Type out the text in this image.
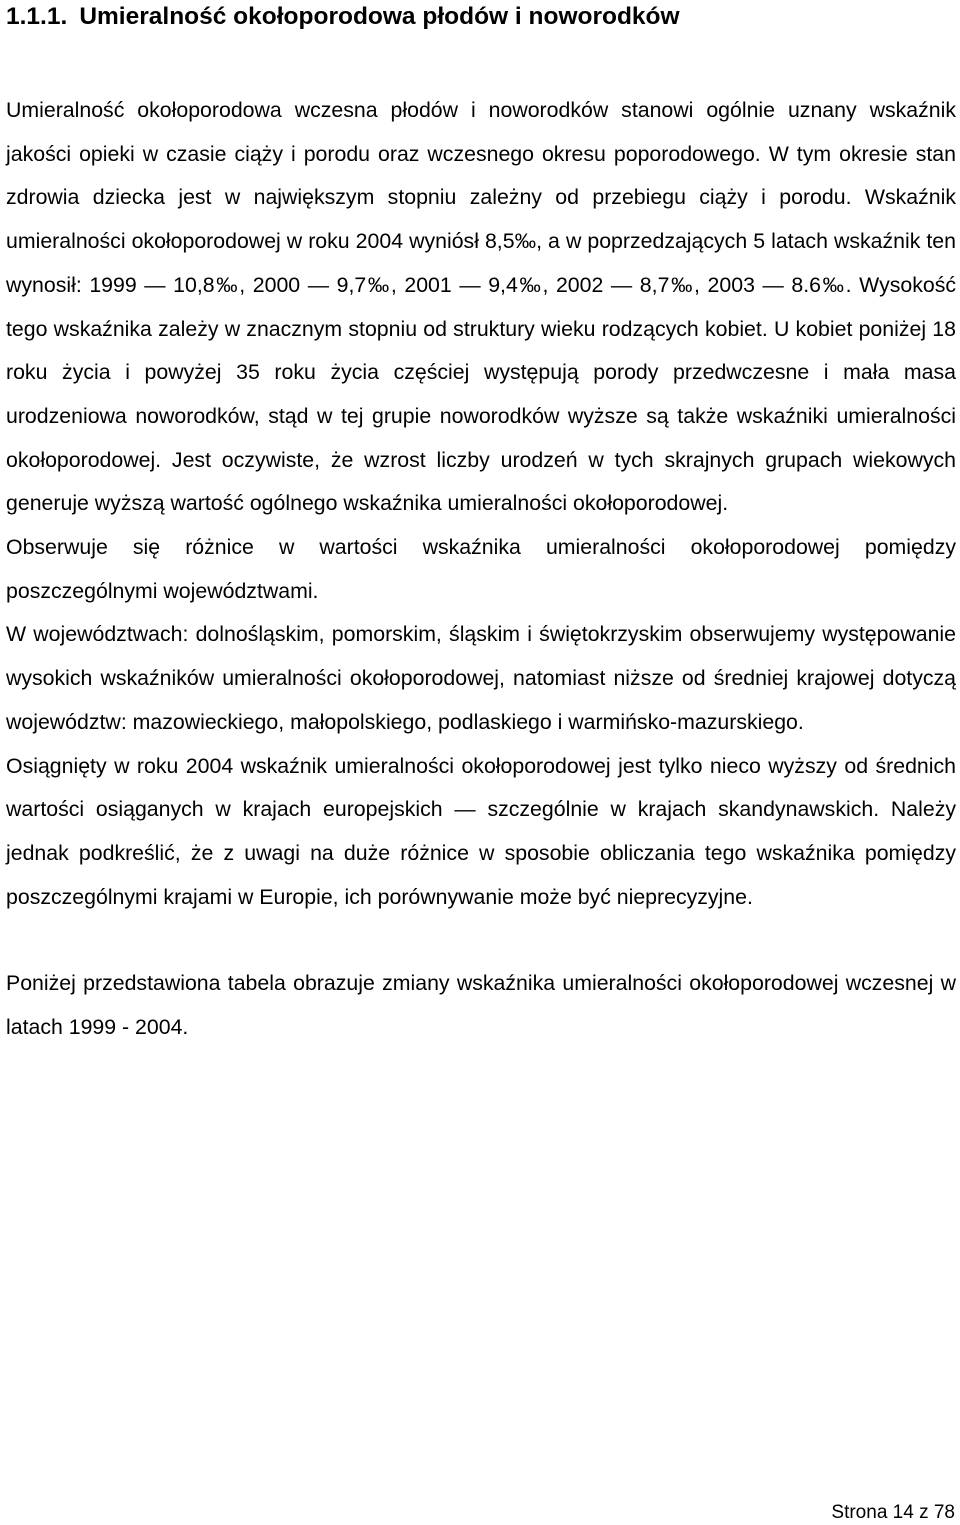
1.1.1. Umieralność okołoporodowa płodów i noworodków

Umieralność okołoporodowa wczesna płodów i noworodków stanowi ogólnie uznany wskaźnik jakości opieki w czasie ciąży i porodu oraz wczesnego okresu poporodowego. W tym okresie stan zdrowia dziecka jest w największym stopniu zależny od przebiegu ciąży i porodu. Wskaźnik umieralności okołoporodowej w roku 2004 wyniósł 8,5‰, a w poprzedzających 5 latach wskaźnik ten wynosił: 1999 — 10,8‰, 2000 — 9,7‰, 2001 — 9,4‰, 2002 — 8,7‰, 2003 — 8.6‰. Wysokość tego wskaźnika zależy w znacznym stopniu od struktury wieku rodzących kobiet. U kobiet poniżej 18 roku życia i powyżej 35 roku życia częściej występują porody przedwczesne i mała masa urodzeniowa noworodków, stąd w tej grupie noworodków wyższe są także wskaźniki umieralności okołoporodowej. Jest oczywiste, że wzrost liczby urodzeń w tych skrajnych grupach wiekowych generuje wyższą wartość ogólnego wskaźnika umieralności okołoporodowej.

Obserwuje się różnice w wartości wskaźnika umieralności okołoporodowej pomiędzy poszczególnymi województwami.

W województwach: dolnośląskim, pomorskim, śląskim i świętokrzyskim obserwujemy występowanie wysokich wskaźników umieralności okołoporodowej, natomiast niższe od średniej krajowej dotyczą województw: mazowieckiego, małopolskiego, podlaskiego i warmińsko-mazurskiego.

Osiągnięty w roku 2004 wskaźnik umieralności okołoporodowej jest tylko nieco wyższy od średnich wartości osiąganych w krajach europejskich — szczególnie w krajach skandynawskich. Należy jednak podkreślić, że z uwagi na duże różnice w sposobie obliczania tego wskaźnika pomiędzy poszczególnymi krajami w Europie, ich porównywanie może być nieprecyzyjne.

Poniżej przedstawiona tabela obrazuje zmiany wskaźnika umieralności okołoporodowej wczesnej w latach 1999 - 2004.

Strona 14 z 78
